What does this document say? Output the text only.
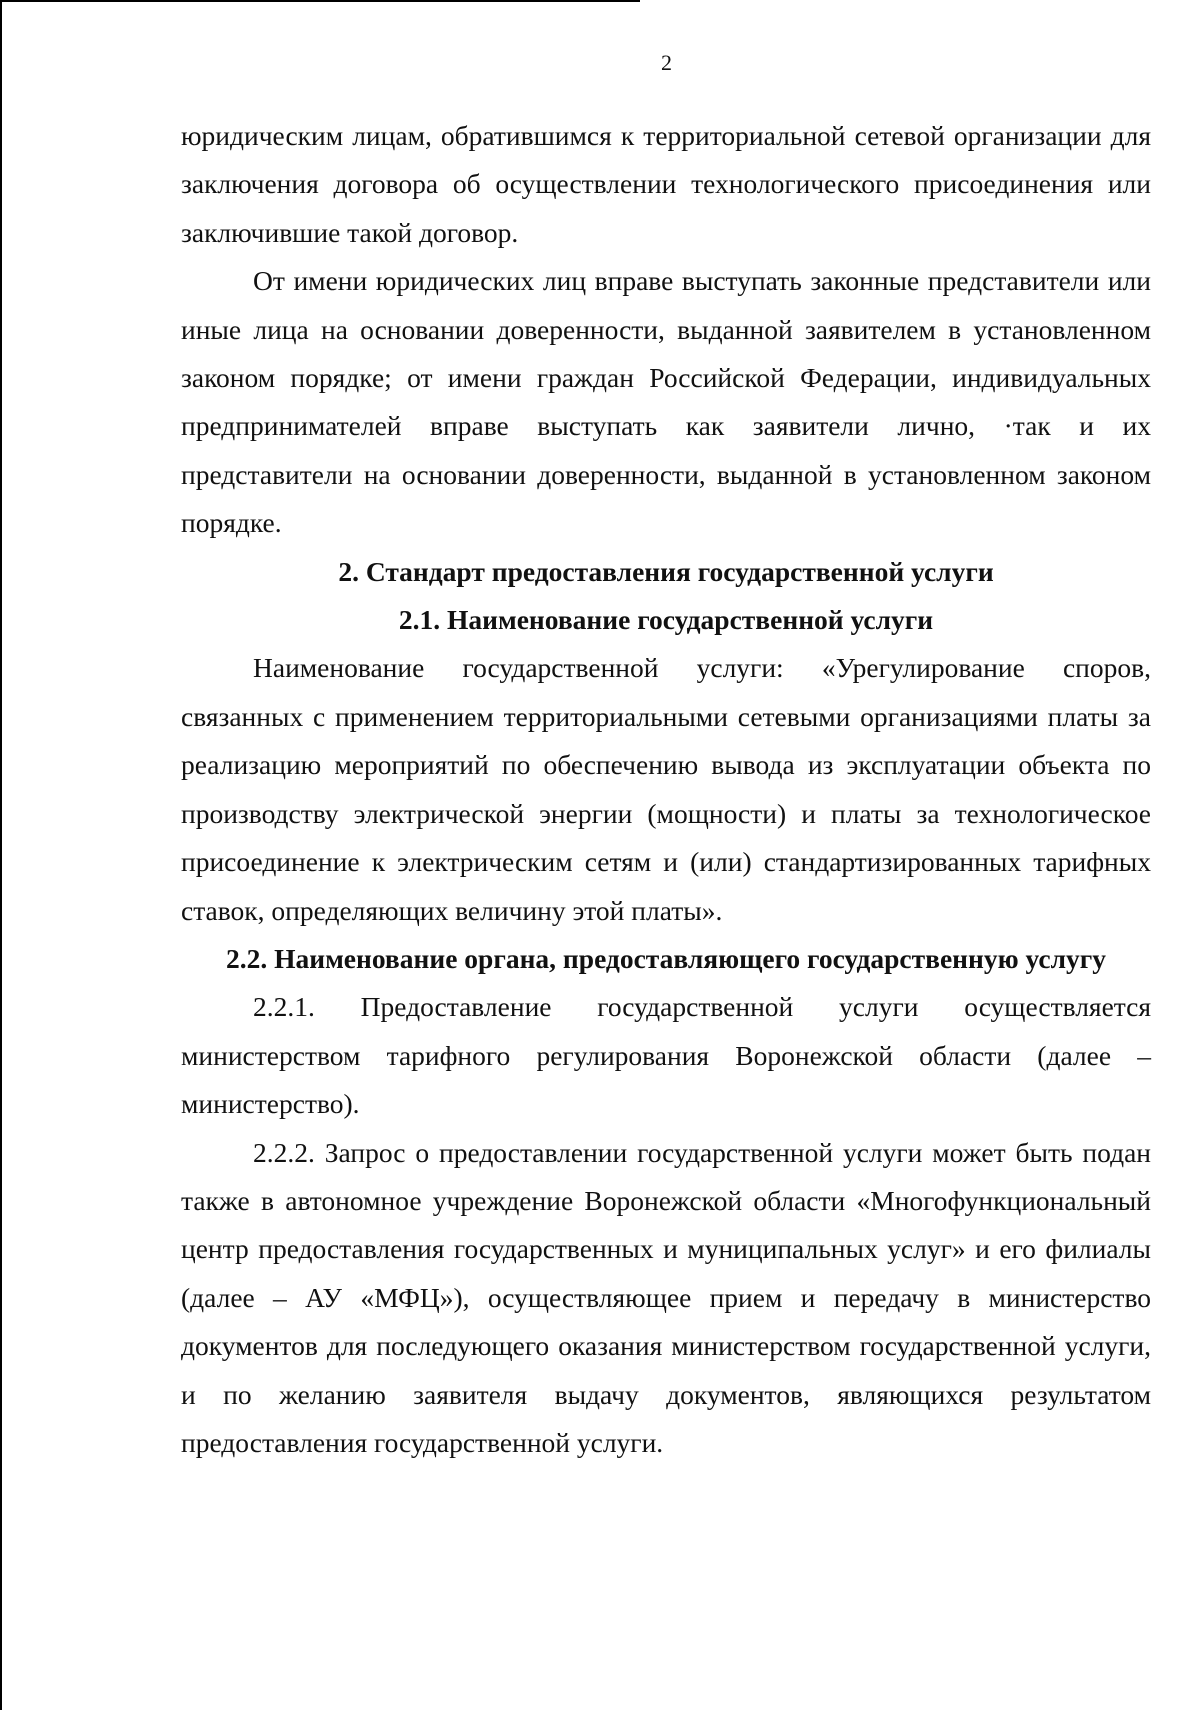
2

юридическим лицам, обратившимся к территориальной сетевой организации для заключения договора об осуществлении технологического присоединения или заключившие такой договор.

От имени юридических лиц вправе выступать законные представители или иные лица на основании доверенности, выданной заявителем в установленном законом порядке; от имени граждан Российской Федерации, индивидуальных предпринимателей вправе выступать как заявители лично, ·так и их представители на основании доверенности, выданной в установленном законом порядке.

2. Стандарт предоставления государственной услуги

2.1. Наименование государственной услуги

Наименование государственной услуги: «Урегулирование споров, связанных с применением территориальными сетевыми организациями платы за реализацию мероприятий по обеспечению вывода из эксплуатации объекта по производству электрической энергии (мощности) и платы за технологическое присоединение к электрическим сетям и (или) стандартизированных тарифных ставок, определяющих величину этой платы».

2.2. Наименование органа, предоставляющего государственную услугу

2.2.1. Предоставление государственной услуги осуществляется министерством тарифного регулирования Воронежской области (далее – министерство).

2.2.2. Запрос о предоставлении государственной услуги может быть подан также в автономное учреждение Воронежской области «Многофункциональный центр предоставления государственных и муниципальных услуг» и его филиалы (далее – АУ «МФЦ»), осуществляющее прием и передачу в министерство документов для последующего оказания министерством государственной услуги, и по желанию заявителя выдачу документов, являющихся результатом предоставления государственной услуги.
